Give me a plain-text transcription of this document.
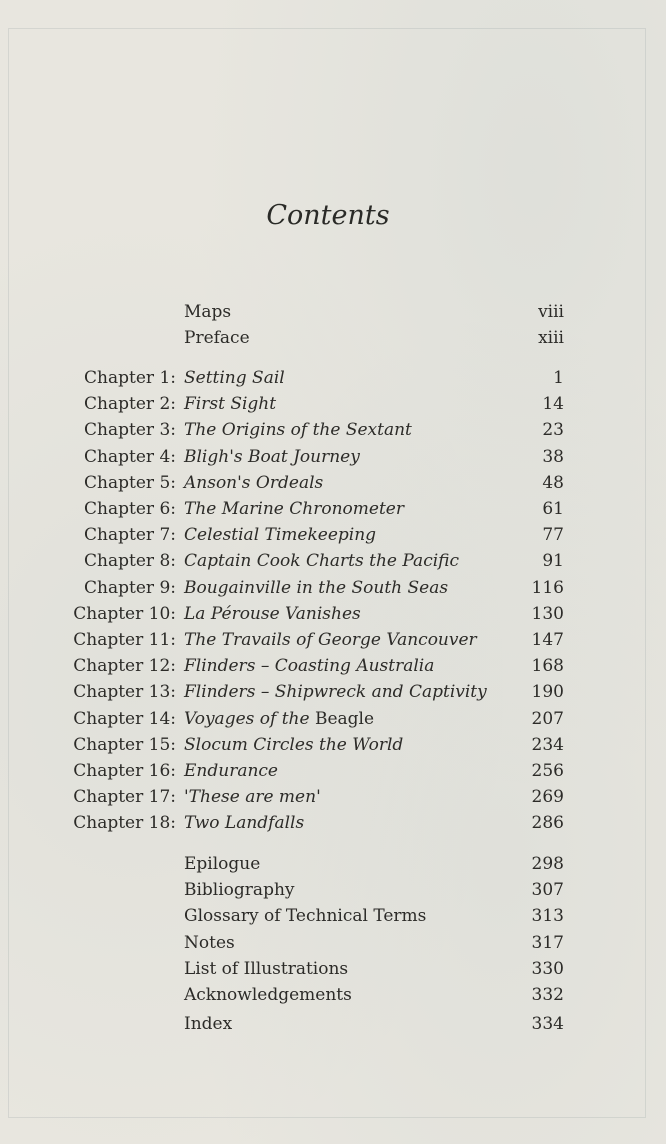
Contents
Maps	viii
Preface	xiii
Chapter 1: Setting Sail	1
Chapter 2: First Sight	14
Chapter 3: The Origins of the Sextant	23
Chapter 4: Bligh's Boat Journey	38
Chapter 5: Anson's Ordeals	48
Chapter 6: The Marine Chronometer	61
Chapter 7: Celestial Timekeeping	77
Chapter 8: Captain Cook Charts the Pacific	91
Chapter 9: Bougainville in the South Seas	116
Chapter 10: La Pérouse Vanishes	130
Chapter 11: The Travails of George Vancouver	147
Chapter 12: Flinders – Coasting Australia	168
Chapter 13: Flinders – Shipwreck and Captivity	190
Chapter 14: Voyages of the Beagle	207
Chapter 15: Slocum Circles the World	234
Chapter 16: Endurance	256
Chapter 17: 'These are men'	269
Chapter 18: Two Landfalls	286
Epilogue	298
Bibliography	307
Glossary of Technical Terms	313
Notes	317
List of Illustrations	330
Acknowledgements	332
Index	334
